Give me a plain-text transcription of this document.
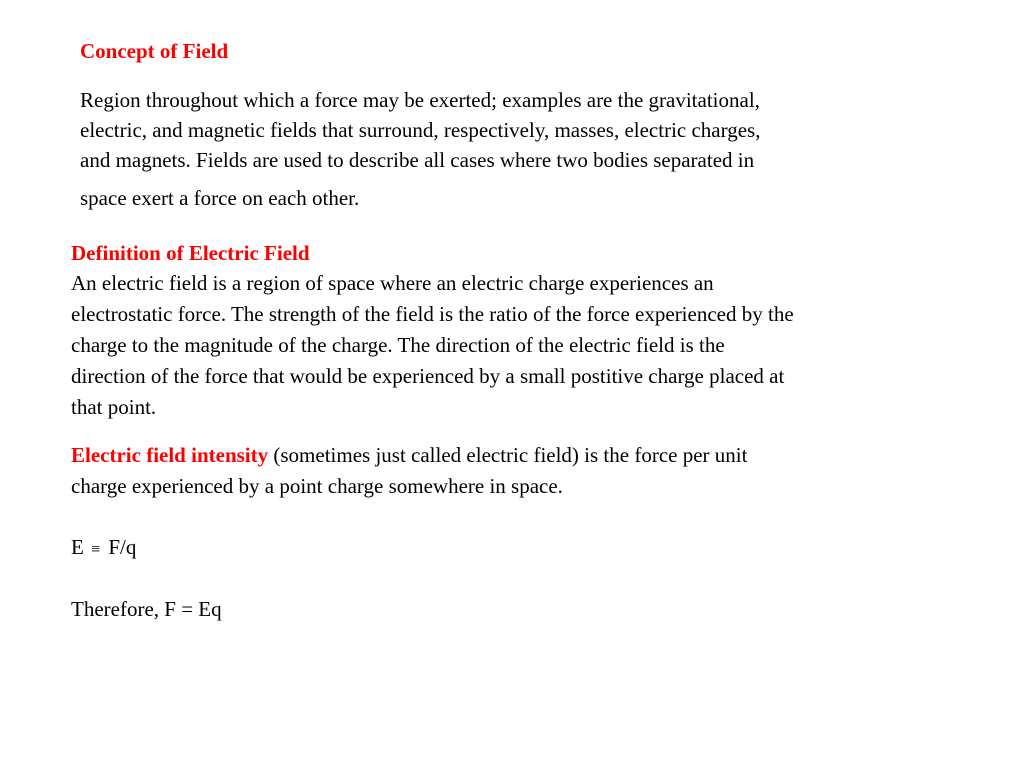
Concept of Field

Region throughout which a force may be exerted; examples are the gravitational,
electric, and magnetic fields that surround, respectively, masses, electric charges,
and magnets. Fields are used to describe all cases where two bodies separated in
space exert a force on each other.

Definition of Electric Field

An electric field is a region of space where an electric charge experiences an
electrostatic force. The strength of the field is the ratio of the force experienced by the
charge to the magnitude of the charge. The direction of the electric field is the
direction of the force that would be experienced by a small postitive charge placed at
that point.

Electric field intensity (sometimes just called electric field) is the force per unit
charge experienced by a point charge somewhere in space.

E ≡ F/q

Therefore, F = Eq
